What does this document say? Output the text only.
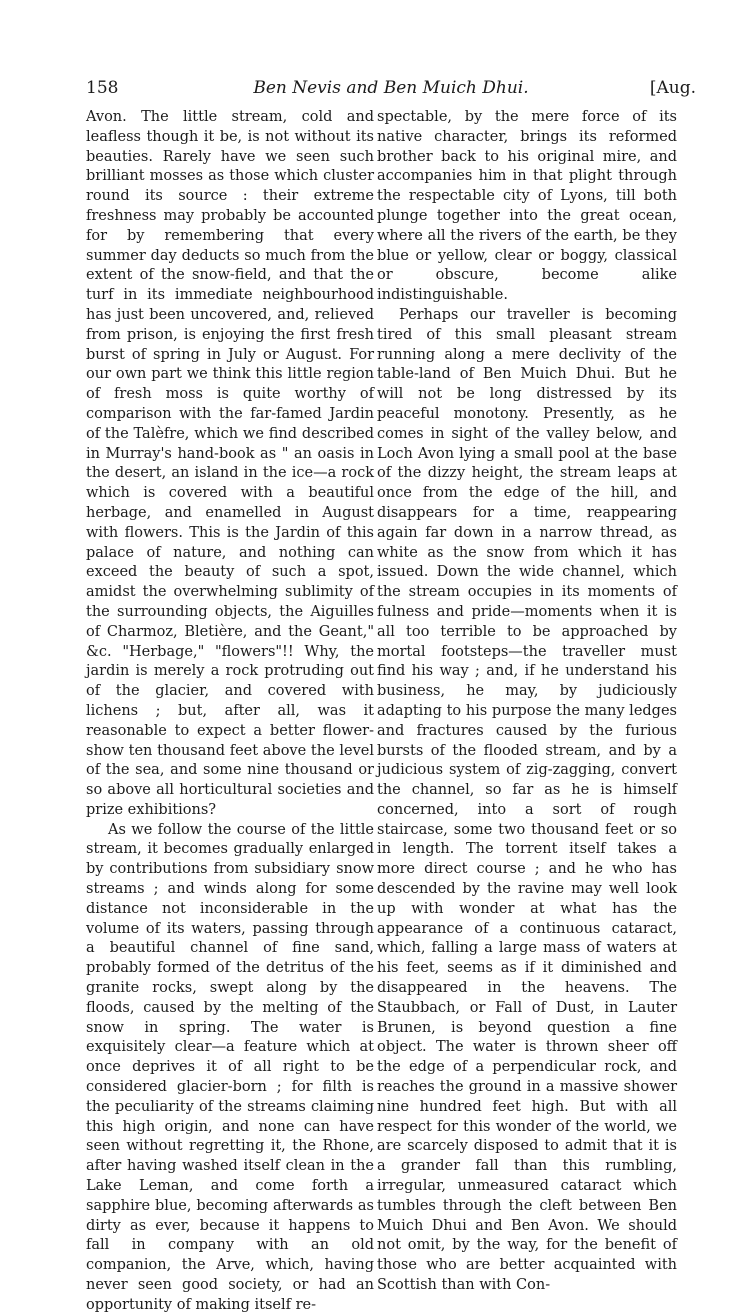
158	Ben Nevis and Ben Muich Dhui.	[Aug.

Avon. The little stream, cold and leafless though it be, is not without its beauties. Rarely have we seen such brilliant mosses as those which cluster round its source : their extreme freshness may probably be accounted for by remembering that every summer day deducts so much from the extent of the snow-field, and that the turf in its immediate neighbourhood has just been uncovered, and, relieved from prison, is enjoying the first fresh burst of spring in July or August. For our own part we think this little region of fresh moss is quite worthy of comparison with the far-famed Jardin of the Talèfre, which we find described in Murray's hand-book as " an oasis in the desert, an island in the ice—a rock which is covered with a beautiful herbage, and enamelled in August with flowers. This is the Jardin of this palace of nature, and nothing can exceed the beauty of such a spot, amidst the overwhelming sublimity of the surrounding objects, the Aiguilles of Charmoz, Bletière, and the Geant," &c. "Herbage," "flowers"!! Why, the jardin is merely a rock protruding out of the glacier, and covered with lichens ; but, after all, was it reasonable to expect a better flower-show ten thousand feet above the level of the sea, and some nine thousand or so above all horticultural societies and prize exhibitions?

As we follow the course of the little stream, it becomes gradually enlarged by contributions from subsidiary snow streams ; and winds along for some distance not inconsiderable in the volume of its waters, passing through a beautiful channel of fine sand, probably formed of the detritus of the granite rocks, swept along by the floods, caused by the melting of the snow in spring. The water is exquisitely clear—a feature which at once deprives it of all right to be considered glacier-born ; for filth is the peculiarity of the streams claiming this high origin, and none can have seen without regretting it, the Rhone, after having washed itself clean in the Lake Leman, and come forth a sapphire blue, becoming afterwards as dirty as ever, because it happens to fall in company with an old companion, the Arve, which, having never seen good society, or had an opportunity of making itself re-

spectable, by the mere force of its native character, brings its reformed brother back to his original mire, and accompanies him in that plight through the respectable city of Lyons, till both plunge together into the great ocean, where all the rivers of the earth, be they blue or yellow, clear or boggy, classical or obscure, become alike indistinguishable.

Perhaps our traveller is becoming tired of this small pleasant stream running along a mere declivity of the table-land of Ben Muich Dhui. But he will not be long distressed by its peaceful monotony. Presently, as he comes in sight of the valley below, and Loch Avon lying a small pool at the base of the dizzy height, the stream leaps at once from the edge of the hill, and disappears for a time, reappearing again far down in a narrow thread, as white as the snow from which it has issued. Down the wide channel, which the stream occupies in its moments of fulness and pride—moments when it is all too terrible to be approached by mortal footsteps—the traveller must find his way ; and, if he understand his business, he may, by judiciously adapting to his purpose the many ledges and fractures caused by the furious bursts of the flooded stream, and by a judicious system of zig-zagging, convert the channel, so far as he is himself concerned, into a sort of rough staircase, some two thousand feet or so in length. The torrent itself takes a more direct course ; and he who has descended by the ravine may well look up with wonder at what has the appearance of a continuous cataract, which, falling a large mass of waters at his feet, seems as if it diminished and disappeared in the heavens. The Staubbach, or Fall of Dust, in Lauter Brunen, is beyond question a fine object. The water is thrown sheer off the edge of a perpendicular rock, and reaches the ground in a massive shower nine hundred feet high. But with all respect for this wonder of the world, we are scarcely disposed to admit that it is a grander fall than this rumbling, irregular, unmeasured cataract which tumbles through the cleft between Ben Muich Dhui and Ben Avon. We should not omit, by the way, for the benefit of those who are better acquainted with Scottish than with Con-
